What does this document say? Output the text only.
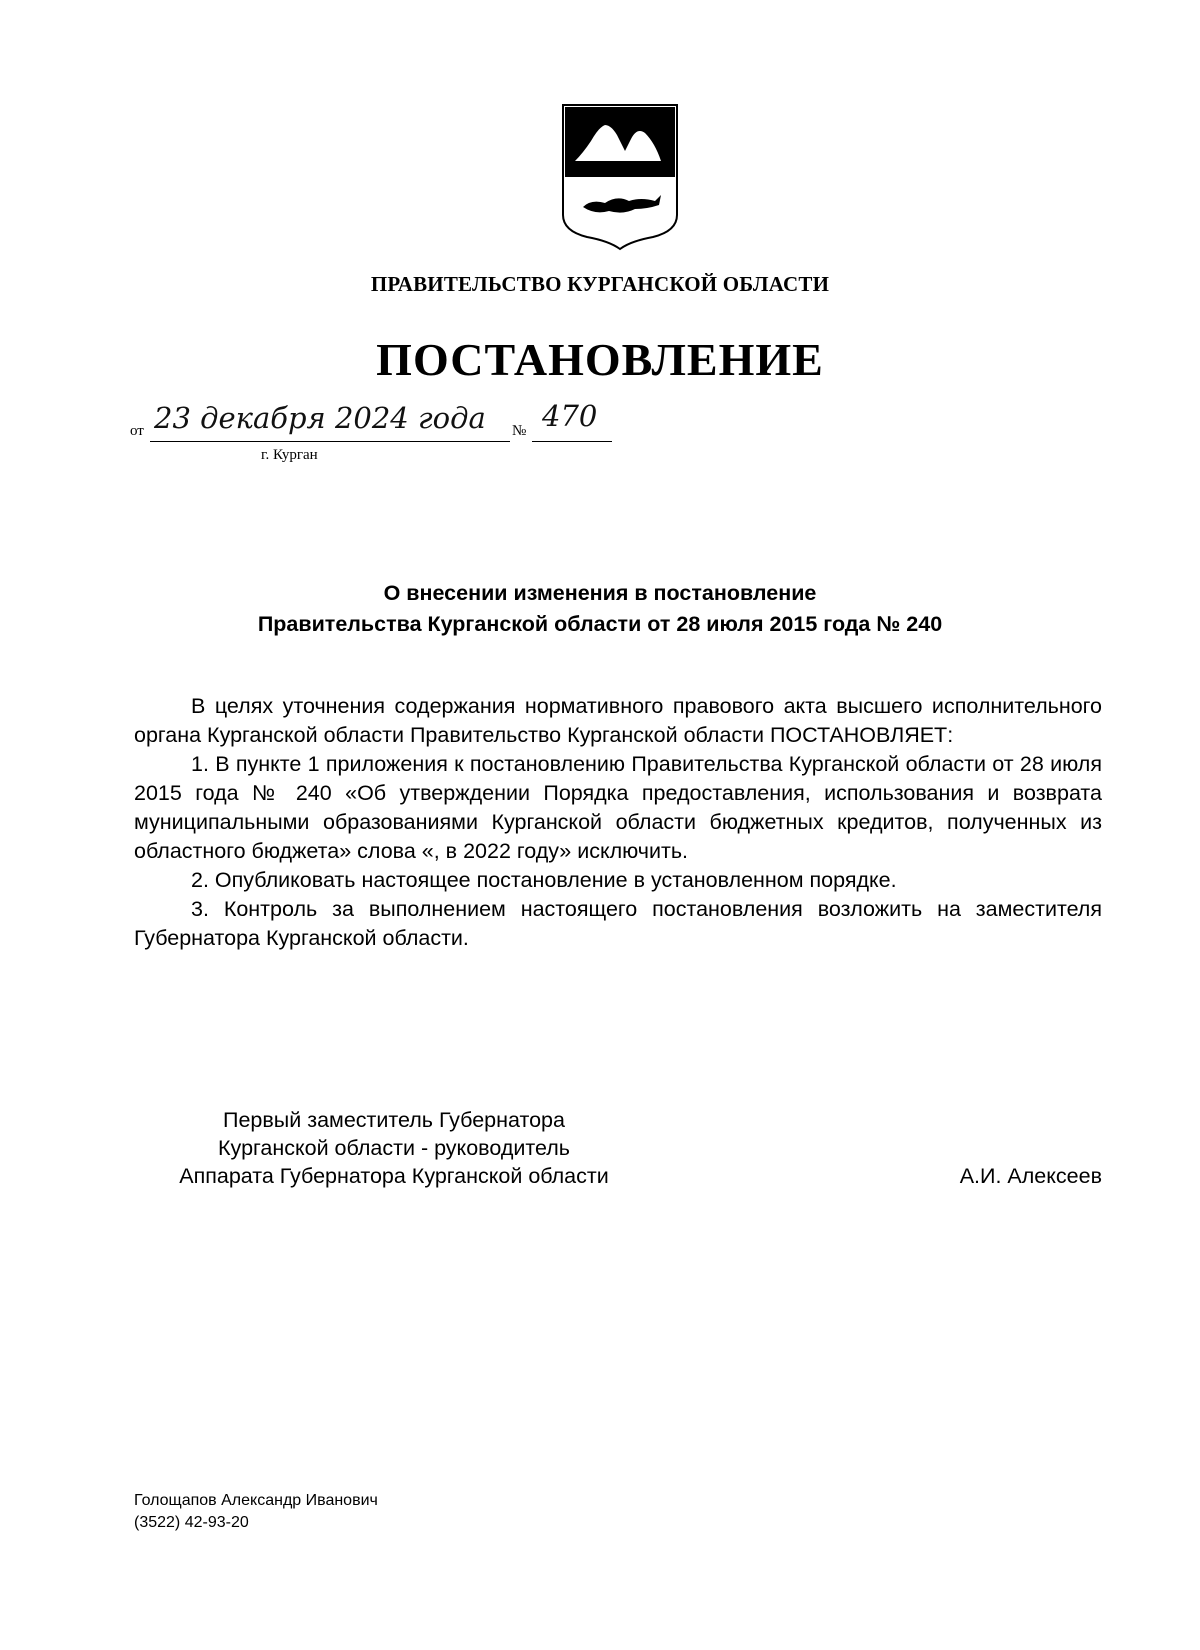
ПРАВИТЕЛЬСТВО КУРГАНСКОЙ ОБЛАСТИ
ПОСТАНОВЛЕНИЕ
от 23 декабря 2024 года № 470
г. Курган
О внесении изменения в постановление
Правительства Курганской области от 28 июля 2015 года № 240

В целях уточнения содержания нормативного правового акта высшего исполнительного органа Курганской области Правительство Курганской области ПОСТАНОВЛЯЕТ:

1. В пункте 1 приложения к постановлению Правительства Курганской области от 28 июля 2015 года № 240 «Об утверждении Порядка предоставления, использования и возврата муниципальными образованиями Курганской области бюджетных кредитов, полученных из областного бюджета» слова «, в 2022 году» исключить.

2. Опубликовать настоящее постановление в установленном порядке.

3. Контроль за выполнением настоящего постановления возложить на заместителя Губернатора Курганской области.

Первый заместитель Губернатора
Курганской области - руководитель
Аппарата Губернатора Курганской области	А.И. Алексеев
Голощапов Александр Иванович
(3522) 42-93-20
